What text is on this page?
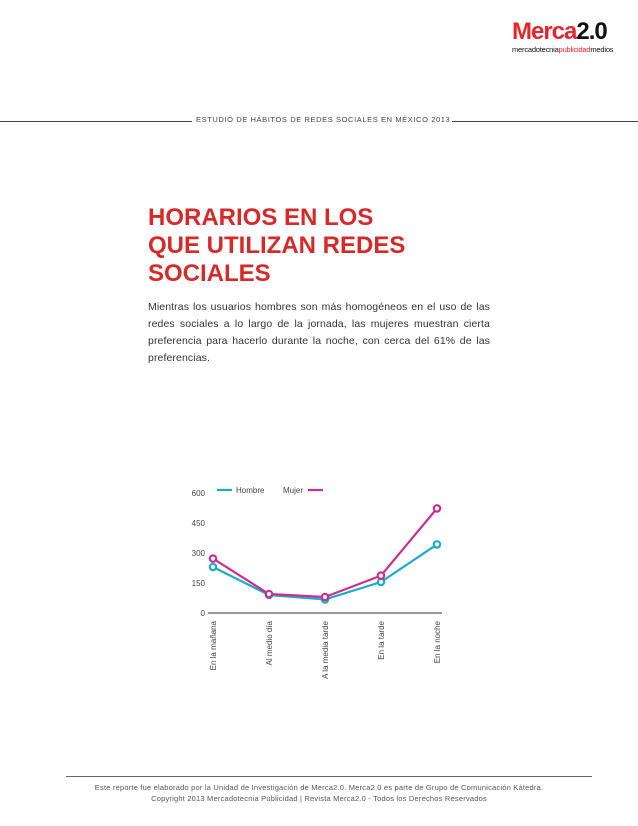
Merca2.0
mercadotecniapublicidadmedios
ESTUDIO DE HÁBITOS DE REDES SOCIALES EN MÉXICO 2013
HORARIOS EN LOS
QUE UTILIZAN REDES
SOCIALES

Mientras los usuarios hombres son más homogéneos en el uso de las redes sociales a lo largo de la jornada, las mujeres muestran cierta preferencia para hacerlo durante la noche, con cerca del 61% de las preferencias.

0
150
300
450
600
En la mañana	Al medio día	A la media tarde	En la tarde	En la noche
Hombre Mujer
Este reporte fue elaborado por la Unidad de Investigación de Merca2.0. Merca2.0 es parte de Grupo de Comunicación Kátedra.
Copyright 2013 Mercadotecnia Publicidad | Revista Merca2.0 - Todos los Derechos Reservados
